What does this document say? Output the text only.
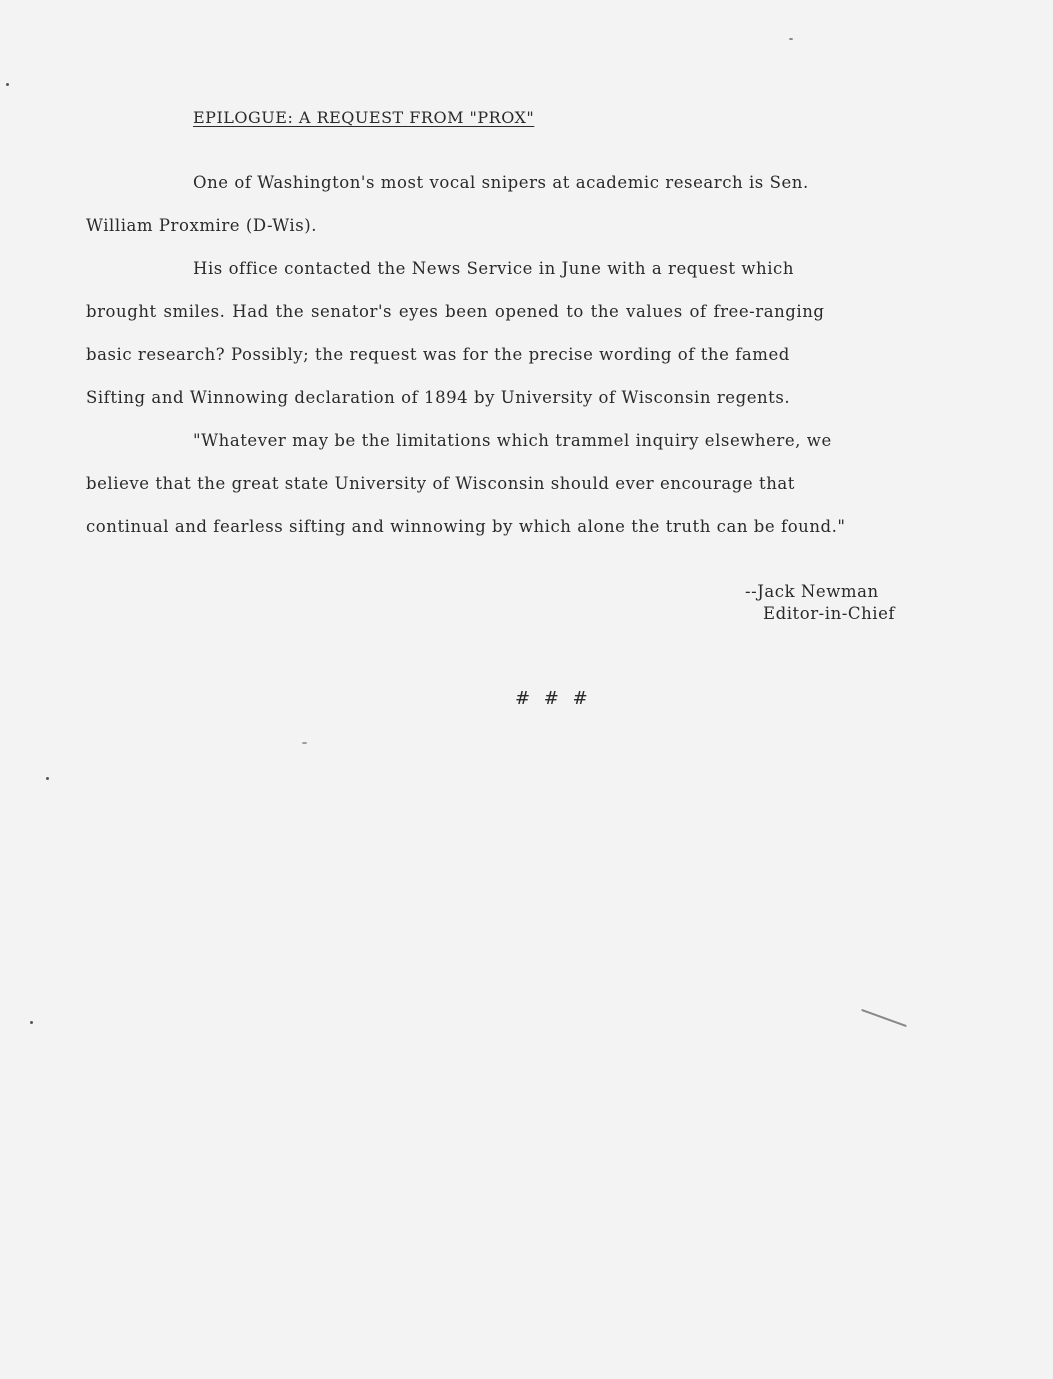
EPILOGUE: A REQUEST FROM "PROX"
One of Washington's most vocal snipers at academic research is Sen.
William Proxmire (D-Wis).
His office contacted the News Service in June with a request which
brought smiles. Had the senator's eyes been opened to the values of free-ranging
basic research? Possibly; the request was for the precise wording of the famed
Sifting and Winnowing declaration of 1894 by University of Wisconsin regents.
"Whatever may be the limitations which trammel inquiry elsewhere, we
believe that the great state University of Wisconsin should ever encourage that
continual and fearless sifting and winnowing by which alone the truth can be found."
--Jack Newman
Editor-in-Chief
# # #
